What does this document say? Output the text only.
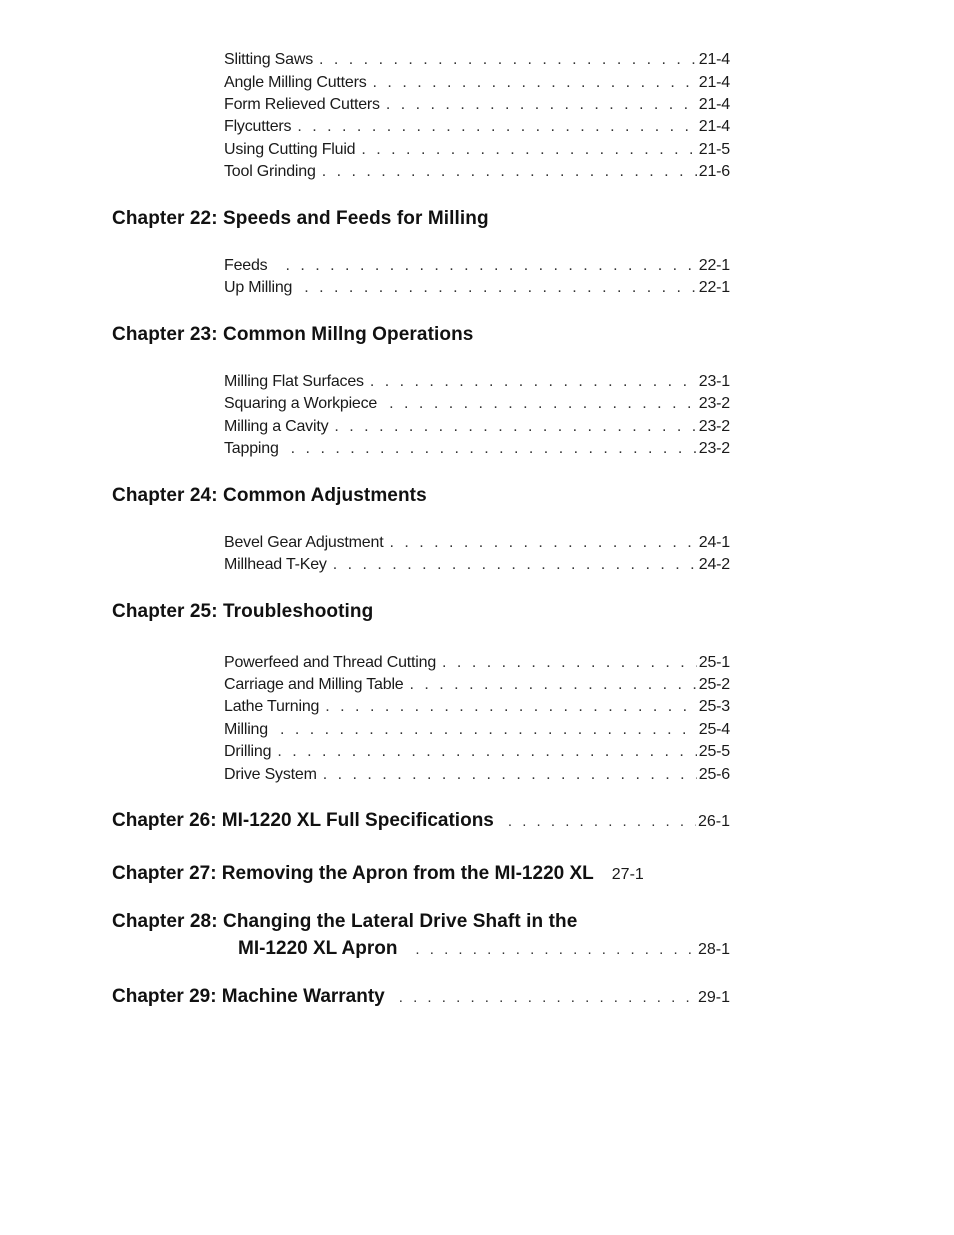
Slitting Saws . . .	21-4
Angle Milling Cutters . . .	21-4
Form Relieved Cutters . . .	21-4
Flycutters . . .	21-4
Using Cutting Fluid . . .	21-5
Tool Grinding . . .	21-6
Chapter 22: Speeds and Feeds for Milling
Feeds . . .	22-1
Up Milling . . .	22-1
Chapter 23: Common Millng Operations
Milling Flat Surfaces . . .	23-1
Squaring a Workpiece . . .	23-2
Milling a Cavity . . .	23-2
Tapping . . .	23-2
Chapter 24: Common Adjustments
Bevel Gear Adjustment . . .	24-1
Millhead T-Key . . .	24-2
Chapter 25: Troubleshooting
Powerfeed and Thread Cutting . . .	25-1
Carriage and Milling Table . . .	25-2
Lathe Turning . . .	25-3
Milling . . .	25-4
Drilling . . .	25-5
Drive System . . .	25-6
Chapter 26: MI-1220 XL Full Specifications . . .	26-1
Chapter 27: Removing the Apron from the MI-1220 XL 27-1
Chapter 28: Changing the Lateral Drive Shaft in the
MI-1220 XL Apron . . .	28-1
Chapter 29: Machine Warranty . . .	29-1
